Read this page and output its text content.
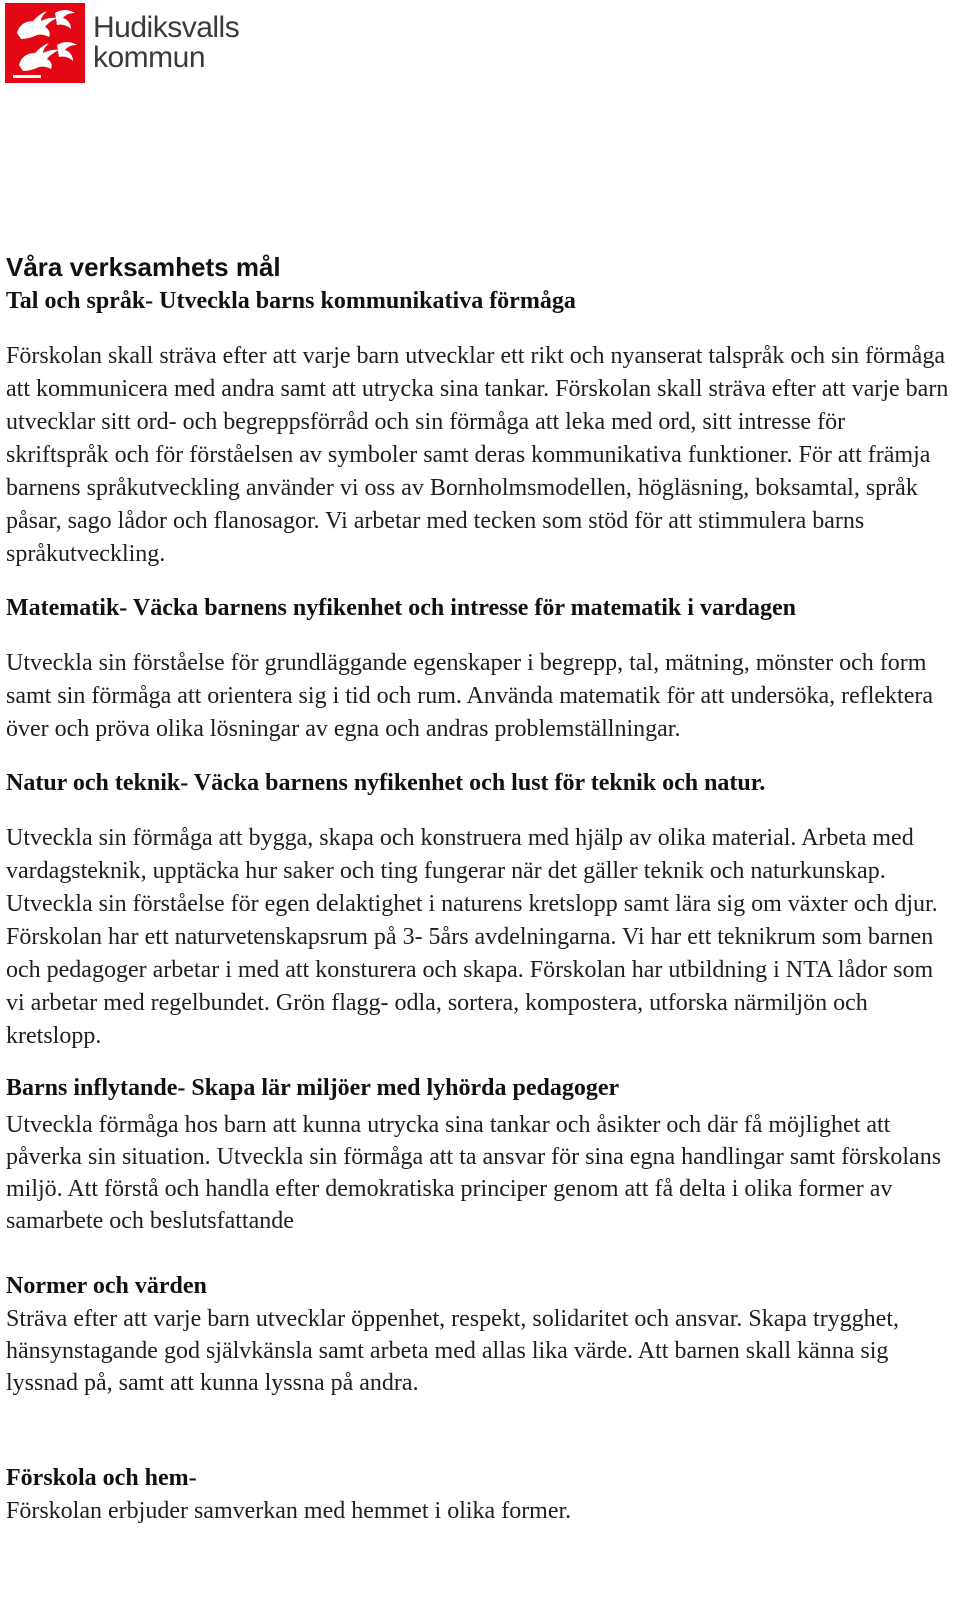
Hudiksvalls
kommun
Våra verksamhets mål
Tal och språk- Utveckla barns kommunikativa förmåga

Förskolan skall sträva efter att varje barn utvecklar ett rikt och nyanserat talspråk och sin förmåga att kommunicera med andra samt att utrycka sina tankar. Förskolan skall sträva efter att varje barn utvecklar sitt ord- och begreppsförråd och sin förmåga att leka med ord, sitt intresse för skriftspråk och för förståelsen av symboler samt deras kommunikativa funktioner. För att främja barnens språkutveckling använder vi oss av Bornholmsmodellen, högläsning, boksamtal, språk påsar, sago lådor och flanosagor. Vi arbetar med tecken som stöd för att stimmulera barns språkutveckling.

Matematik- Väcka barnens nyfikenhet och intresse för matematik i vardagen

Utveckla sin förståelse för grundläggande egenskaper i begrepp, tal, mätning, mönster och form samt sin förmåga att orientera sig i tid och rum. Använda matematik för att undersöka, reflektera över och pröva olika lösningar av egna och andras problemställningar.

Natur och teknik- Väcka barnens nyfikenhet och lust för teknik och natur.

Utveckla sin förmåga att bygga, skapa och konstruera med hjälp av olika material. Arbeta med vardagsteknik, upptäcka hur saker och ting fungerar när det gäller teknik och naturkunskap. Utveckla sin förståelse för egen delaktighet i naturens kretslopp samt lära sig om växter och djur. Förskolan har ett naturvetenskapsrum på 3- 5års avdelningarna. Vi har ett teknikrum som barnen och pedagoger arbetar i med att konsturera och skapa. Förskolan har utbildning i NTA lådor som vi arbetar med regelbundet. Grön flagg- odla, sortera, kompostera, utforska närmiljön och kretslopp.

Barns inflytande- Skapa lär miljöer med lyhörda pedagoger

Utveckla förmåga hos barn att kunna utrycka sina tankar och åsikter och där få möjlighet att påverka sin situation. Utveckla sin förmåga att ta ansvar för sina egna handlingar samt förskolans miljö. Att förstå och handla efter demokratiska principer genom att få delta i olika former av samarbete och beslutsfattande

Normer och värden

Sträva efter att varje barn utvecklar öppenhet, respekt, solidaritet och ansvar. Skapa trygghet, hänsynstagande god självkänsla samt arbeta med allas lika värde. Att barnen skall känna sig lyssnad på, samt att kunna lyssna på andra.

Förskola och hem-

Förskolan erbjuder samverkan med hemmet i olika former.
